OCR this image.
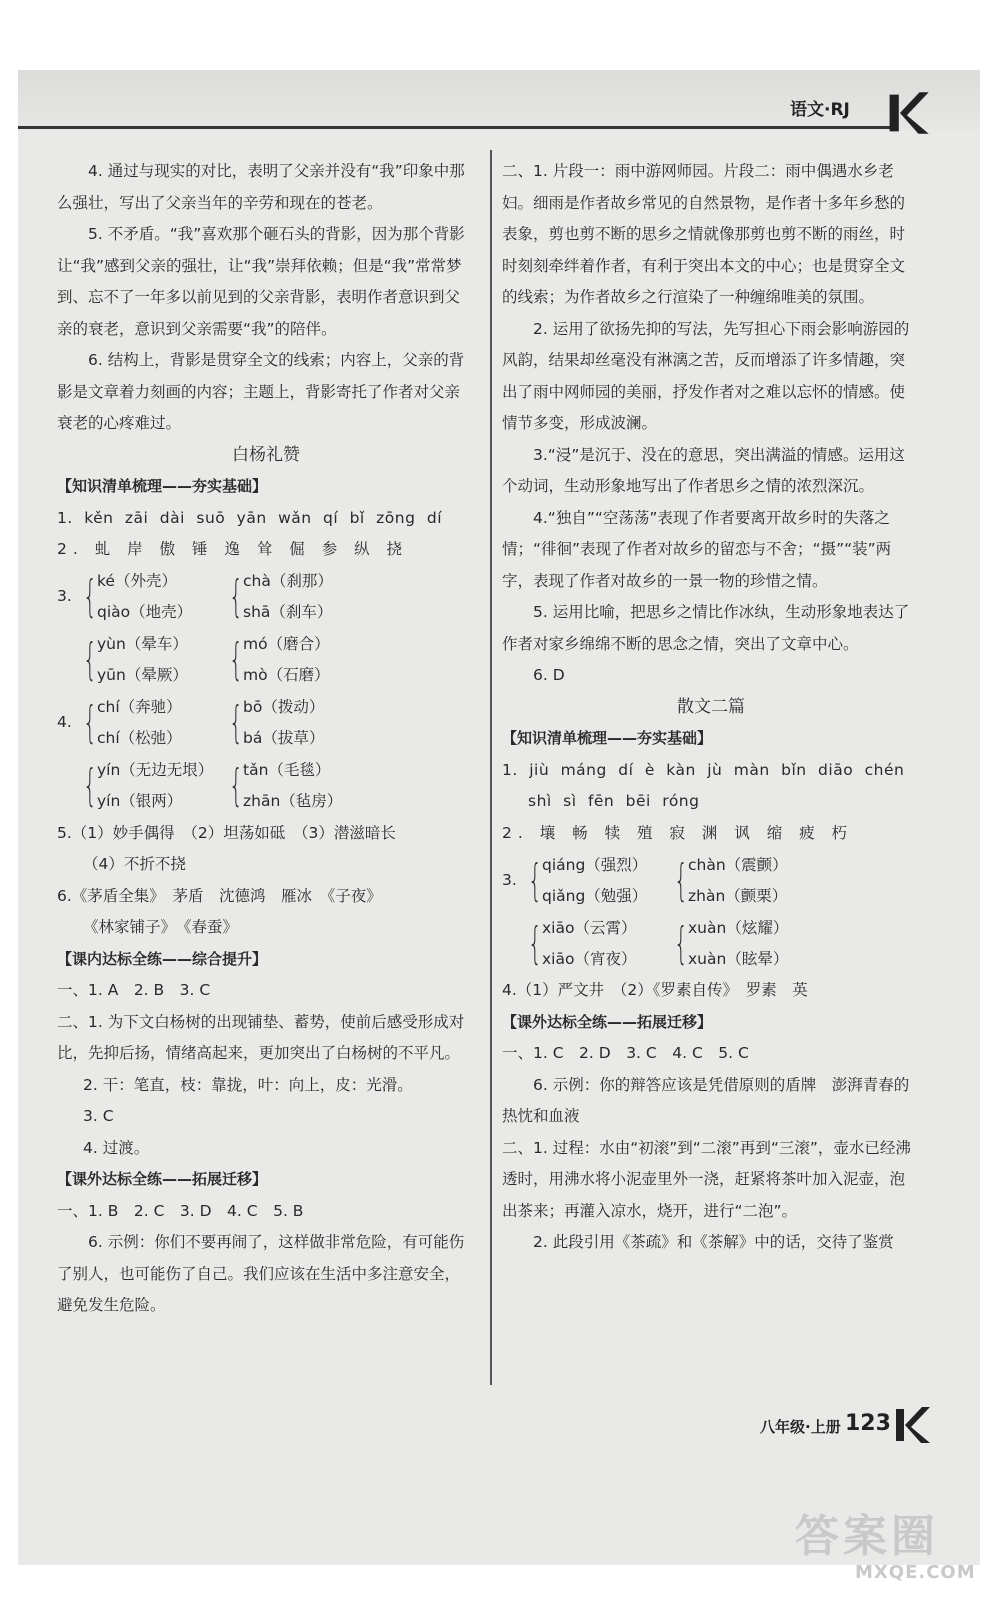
语文·RJ

4. 通过与现实的对比，表明了父亲并没有“我”印象中那么强壮，写出了父亲当年的辛劳和现在的苍老。

5. 不矛盾。“我”喜欢那个砸石头的背影，因为那个背影让“我”感到父亲的强壮，让“我”崇拜依赖；但是“我”常常梦到、忘不了一年多以前见到的父亲背影，表明作者意识到父亲的衰老，意识到父亲需要“我”的陪伴。

6. 结构上，背影是贯穿全文的线索；内容上，父亲的背影是文章着力刻画的内容；主题上，背影寄托了作者对父亲衰老的心疼难过。

白杨礼赞

【知识清单梳理——夯实基础】

1. kěn zāi dài suō yān wǎn qí bǐ zōng dí

2. 虬 岸 傲 锤 逸 耸 倔 参 纵 挠

3. { ké（外壳）
qiào（地壳） { chà（刹那）
shā（刹车）
{ yùn（晕车）
yūn（晕厥） { mó（磨合）
mò（石磨）
4. { chí（奔驰）
chí（松弛）	{ bō（拨动）
bá（拔草）
{ yín（无边无垠）
yín（银两）	{ tǎn（毛毯）
zhān（毡房）

5.（1）妙手偶得　（2）坦荡如砥　（3）潜滋暗长

（4）不折不挠

6.《茅盾全集》　茅盾　沈德鸿　雁冰　《子夜》

《林家铺子》　《春蚕》

【课内达标全练——综合提升】

一、1. A　2. B　3. C

二、1. 为下文白杨树的出现铺垫、蓄势，使前后感受形成对比，先抑后扬，情绪高起来，更加突出了白杨树的不平凡。

2. 干：笔直，枝：靠拢，叶：向上，皮：光滑。

3. C

4. 过渡。

【课外达标全练——拓展迁移】

一、1. B　2. C　3. D　4. C　5. B

6. 示例：你们不要再闹了，这样做非常危险，有可能伤了别人，也可能伤了自己。我们应该在生活中多注意安全，避免发生危险。

二、1. 片段一：雨中游网师园。片段二：雨中偶遇水乡老妇。细雨是作者故乡常见的自然景物，是作者十多年乡愁的表象，剪也剪不断的思乡之情就像那剪也剪不断的雨丝，时时刻刻牵绊着作者，有利于突出本文的中心；也是贯穿全文的线索；为作者故乡之行渲染了一种缠绵唯美的氛围。

2. 运用了欲扬先抑的写法，先写担心下雨会影响游园的风韵，结果却丝毫没有淋漓之苦，反而增添了许多情趣，突出了雨中网师园的美丽，抒发作者对之难以忘怀的情感。使情节多变，形成波澜。

3.“浸”是沉于、没在的意思，突出满溢的情感。运用这个动词，生动形象地写出了作者思乡之情的浓烈深沉。

4.“独自”“空荡荡”表现了作者要离开故乡时的失落之情；“徘徊”表现了作者对故乡的留恋与不舍；“摄”“装”两字，表现了作者对故乡的一景一物的珍惜之情。

5. 运用比喻，把思乡之情比作冰纨，生动形象地表达了作者对家乡绵绵不断的思念之情，突出了文章中心。

6. D

散文二篇

【知识清单梳理——夯实基础】

1. jiù máng dí è kàn jù màn bǐn diāo chén

shì sì fēn bēi róng

2. 壤 畅 犊 殖 寂 渊 讽 缩 疲 朽

3. { qiáng（强烈）
qiǎng（勉强） { chàn（震颤）
zhàn（颤栗）
{ xiāo（云霄）
xiāo（宵夜） { xuàn（炫耀）
xuàn（眩晕）

4.（1）严文井　（2）《罗素自传》　罗素　英

【课外达标全练——拓展迁移】

一、1. C　2. D　3. C　4. C　5. C

6. 示例：你的辩答应该是凭借原则的盾牌　澎湃青春的热忱和血液

二、1. 过程：水由“初滚”到“二滚”再到“三滚”，壶水已经沸透时，用沸水将小泥壶里外一浇，赶紧将茶叶加入泥壶，泡出茶来；再灌入凉水，烧开，进行“二泡”。

2. 此段引用《茶疏》和《茶解》中的话，交待了鉴赏

八年级·上册 123
答案圈
MXQE.COM
